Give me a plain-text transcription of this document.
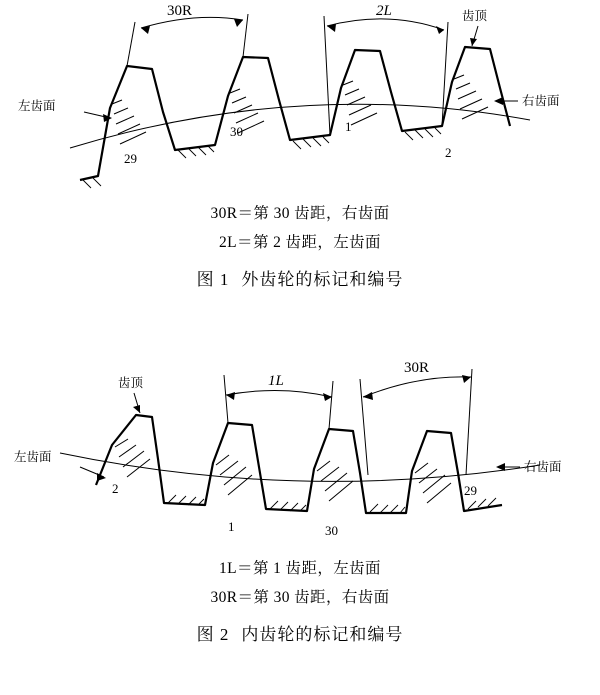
30R	2L	齿顶
左齿面	右齿面
29
30	1
2
30R＝第 30 齿距，右齿面
2L＝第 2 齿距，左齿面
图 1 外齿轮的标记和编号
1L
30R
齿顶
左齿面
右齿面
2
1	30
29
1L＝第 1 齿距，左齿面
30R＝第 30 齿距，右齿面
图 2 内齿轮的标记和编号
